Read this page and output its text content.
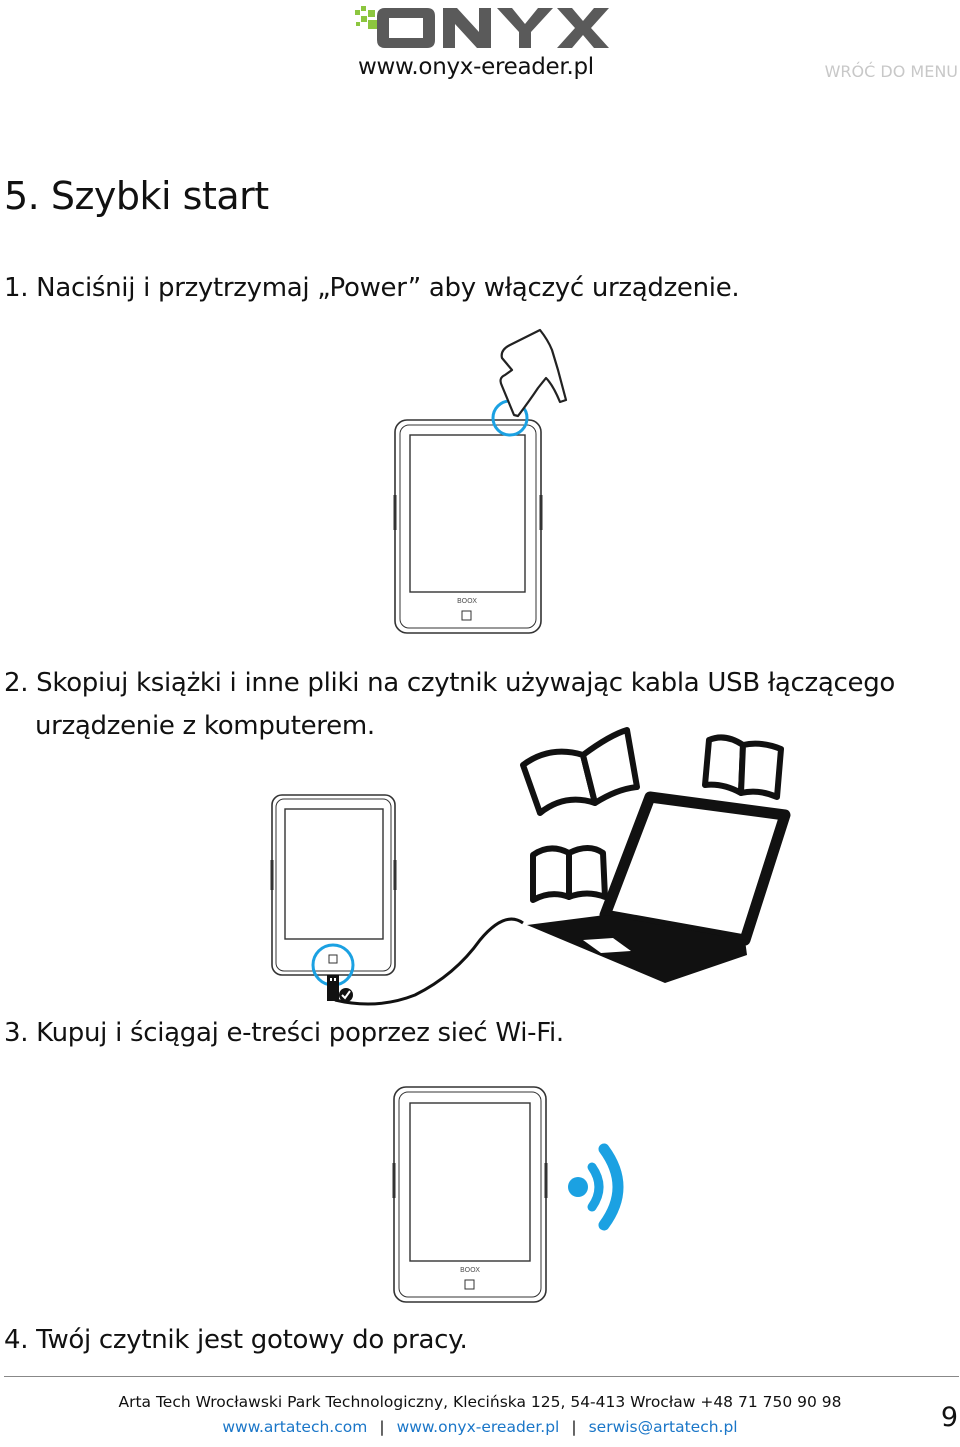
www.onyx-ereader.pl	WRÓĆ DO MENU
5. Szybki start
1. Naciśnij i przytrzymaj „Power” aby włączyć urządzenie.
BOOX
2. Skopiuj książki i inne pliki na czytnik używając kabla USB łączącego
urządzenie z komputerem.
3. Kupuj i ściągaj e-treści poprzez sieć Wi-Fi.
BOOX
4. Twój czytnik jest gotowy do pracy.
Arta Tech Wrocławski Park Technologiczny, Klecińska 125, 54-413 Wrocław +48 71 750 90 98
www.artatech.com | www.onyx-ereader.pl | serwis@artatech.pl	9
